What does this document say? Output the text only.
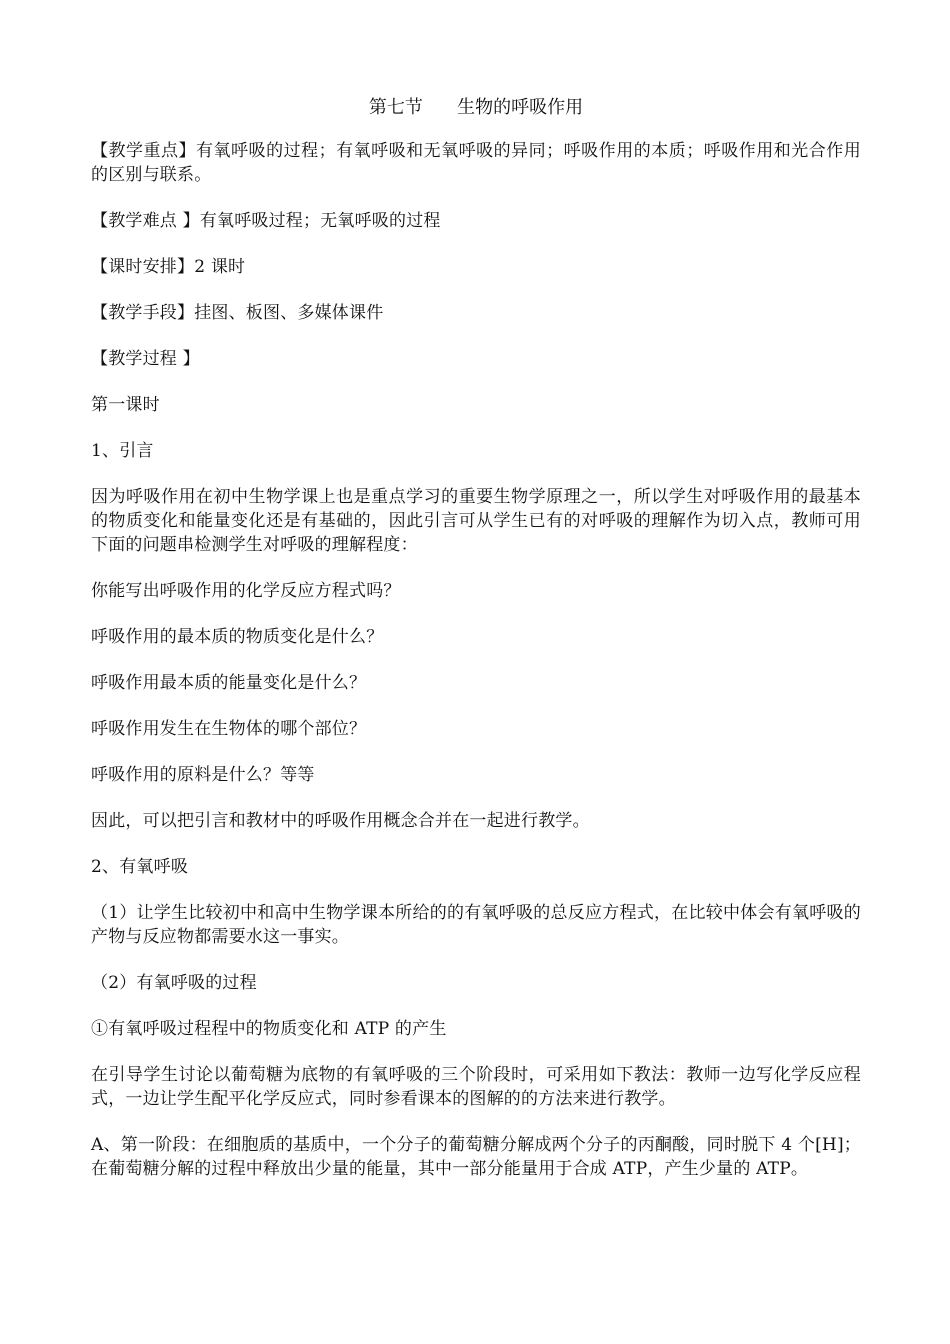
第七节      生物的呼吸作用
【教学重点】有氧呼吸的过程；有氧呼吸和无氧呼吸的异同；呼吸作用的本质；呼吸作用和光合作用的区别与联系。
【教学难点 】有氧呼吸过程；无氧呼吸的过程
【课时安排】2 课时
【教学手段】挂图、板图、多媒体课件
【教学过程 】
第一课时
1、引言
因为呼吸作用在初中生物学课上也是重点学习的重要生物学原理之一，所以学生对呼吸作用的最基本的物质变化和能量变化还是有基础的，因此引言可从学生已有的对呼吸的理解作为切入点，教师可用下面的问题串检测学生对呼吸的理解程度：
你能写出呼吸作用的化学反应方程式吗？
呼吸作用的最本质的物质变化是什么？
呼吸作用最本质的能量变化是什么？
呼吸作用发生在生物体的哪个部位？
呼吸作用的原料是什么？等等
因此，可以把引言和教材中的呼吸作用概念合并在一起进行教学。
2、有氧呼吸
（1）让学生比较初中和高中生物学课本所给的的有氧呼吸的总反应方程式，在比较中体会有氧呼吸的产物与反应物都需要水这一事实。
（2）有氧呼吸的过程
①有氧呼吸过程程中的物质变化和 ATP 的产生
在引导学生讨论以葡萄糖为底物的有氧呼吸的三个阶段时，可采用如下教法：教师一边写化学反应程式，一边让学生配平化学反应式，同时参看课本的图解的的方法来进行教学。
A、第一阶段：在细胞质的基质中，一个分子的葡萄糖分解成两个分子的丙酮酸，同时脱下 4 个[H]；在葡萄糖分解的过程中释放出少量的能量，其中一部分能量用于合成 ATP，产生少量的 ATP。
